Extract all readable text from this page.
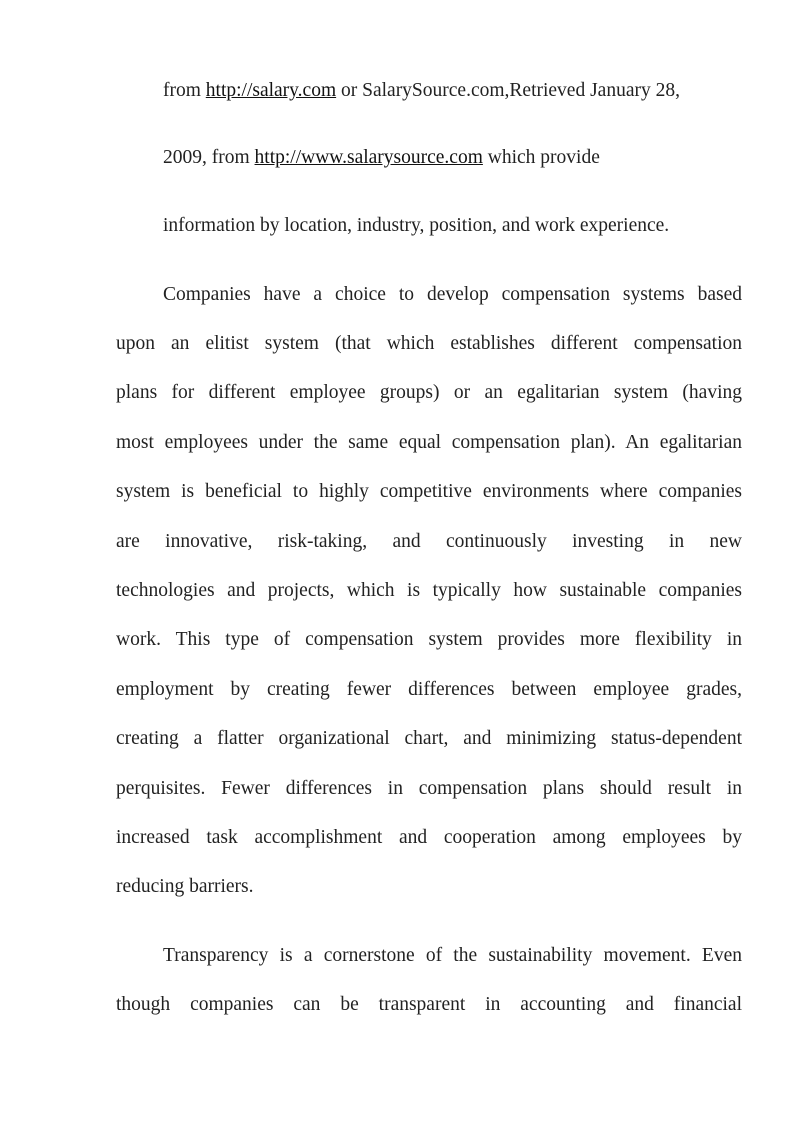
from http://salary.com or SalarySource.com,Retrieved January 28,

2009, from http://www.salarysource.com which provide

information by location, industry, position, and work experience.

Companies have a choice to develop compensation systems based

upon an elitist system (that which establishes different compensation

plans for different employee groups) or an egalitarian system (having

most employees under the same equal compensation plan). An egalitarian

system is beneficial to highly competitive environments where companies

are innovative, risk-taking, and continuously investing in new

technologies and projects, which is typically how sustainable companies

work. This type of compensation system provides more flexibility in

employment by creating fewer differences between employee grades,

creating a flatter organizational chart, and minimizing status-dependent

perquisites. Fewer differences in compensation plans should result in

increased task accomplishment and cooperation among employees by

reducing barriers.

Transparency is a cornerstone of the sustainability movement. Even

though companies can be transparent in accounting and financial
